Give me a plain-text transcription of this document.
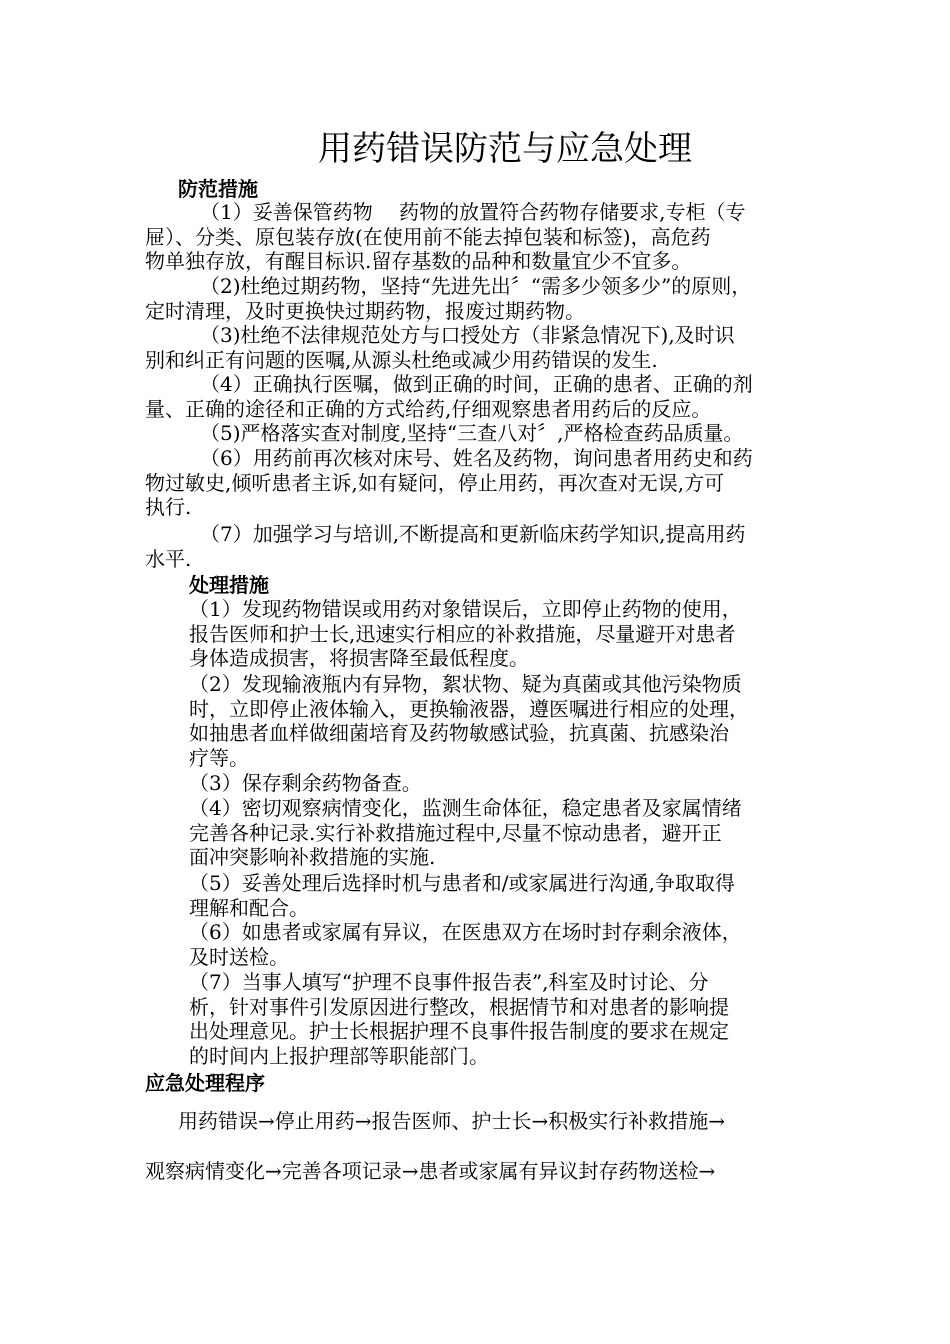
用药错误防范与应急处理
防范措施
（1）妥善保管药物 　药物的放置符合药物存储要求,专柜（专
屉）、分类、原包装存放(在使用前不能去掉包装和标签)，高危药
物单独存放，有醒目标识.留存基数的品种和数量宜少不宜多。
（2)杜绝过期药物，坚持“先进先出〞“需多少领多少”的原则，
定时清理，及时更换快过期药物，报废过期药物。
（3)杜绝不法律规范处方与口授处方（非紧急情况下),及时识
别和纠正有问题的医嘱,从源头杜绝或减少用药错误的发生.
（4）正确执行医嘱，做到正确的时间，正确的患者、正确的剂
量、正确的途径和正确的方式给药,仔细观察患者用药后的反应。
（5)严格落实查对制度,坚持“三查八对〞,严格检查药品质量。
（6）用药前再次核对床号、姓名及药物，询问患者用药史和药
物过敏史,倾听患者主诉,如有疑问，停止用药，再次查对无误,方可
执行.
（7）加强学习与培训,不断提高和更新临床药学知识,提高用药
水平.
处理措施
（1）发现药物错误或用药对象错误后，立即停止药物的使用，
报告医师和护士长,迅速实行相应的补救措施，尽量避开对患者
身体造成损害，将损害降至最低程度。
（2）发现输液瓶内有异物，絮状物、疑为真菌或其他污染物质
时，立即停止液体输入，更换输液器，遵医嘱进行相应的处理，
如抽患者血样做细菌培育及药物敏感试验，抗真菌、抗感染治
疗等。
（3）保存剩余药物备查。
（4）密切观察病情变化，监测生命体征，稳定患者及家属情绪
完善各种记录.实行补救措施过程中,尽量不惊动患者，避开正
面冲突影响补救措施的实施.
（5）妥善处理后选择时机与患者和/或家属进行沟通,争取取得
理解和配合。
（6）如患者或家属有异议，在医患双方在场时封存剩余液体，
及时送检。
（7）当事人填写“护理不良事件报告表”,科室及时讨论、分
析，针对事件引发原因进行整改，根据情节和对患者的影响提
出处理意见。护士长根据护理不良事件报告制度的要求在规定
的时间内上报护理部等职能部门。
应急处理程序
用药错误→停止用药→报告医师、护士长→积极实行补救措施→
观察病情变化→完善各项记录→患者或家属有异议封存药物送检→
